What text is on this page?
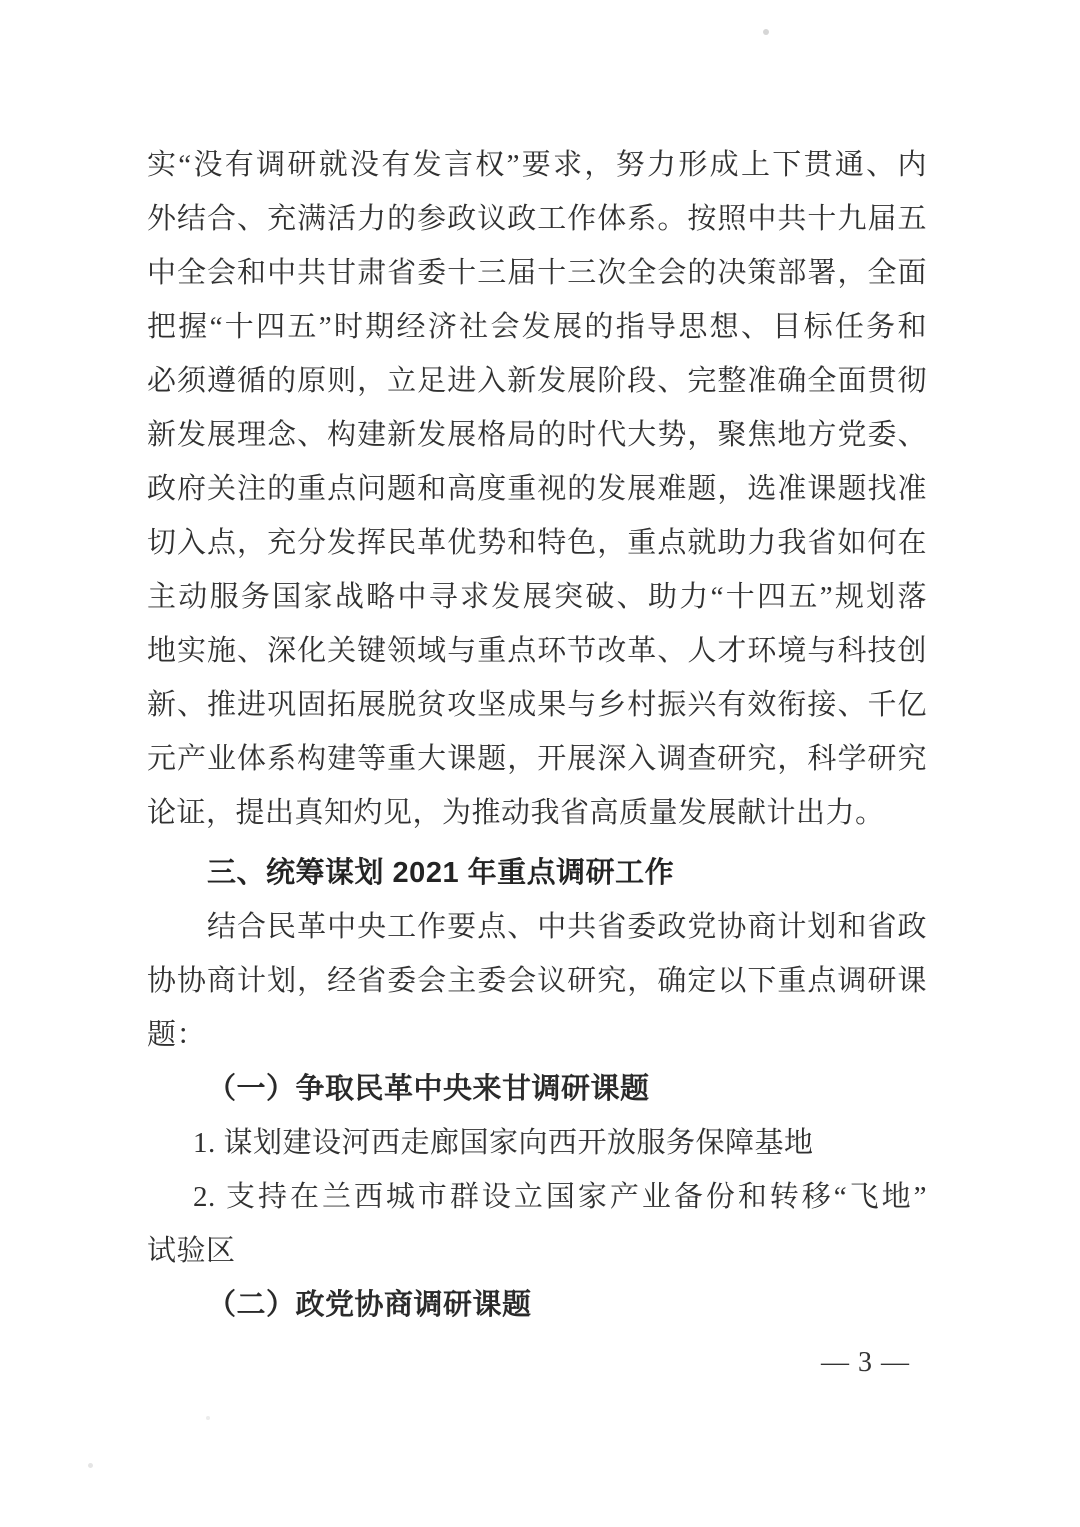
实“没有调研就没有发言权”要求，努力形成上下贯通、内
外结合、充满活力的参政议政工作体系。按照中共十九届五
中全会和中共甘肃省委十三届十三次全会的决策部署，全面
把握“十四五”时期经济社会发展的指导思想、目标任务和
必须遵循的原则，立足进入新发展阶段、完整准确全面贯彻
新发展理念、构建新发展格局的时代大势，聚焦地方党委、
政府关注的重点问题和高度重视的发展难题，选准课题找准
切入点，充分发挥民革优势和特色，重点就助力我省如何在
主动服务国家战略中寻求发展突破、助力“十四五”规划落
地实施、深化关键领域与重点环节改革、人才环境与科技创
新、推进巩固拓展脱贫攻坚成果与乡村振兴有效衔接、千亿
元产业体系构建等重大课题，开展深入调查研究，科学研究
论证，提出真知灼见，为推动我省高质量发展献计出力。
三、统筹谋划 2021 年重点调研工作
结合民革中央工作要点、中共省委政党协商计划和省政
协协商计划，经省委会主委会议研究，确定以下重点调研课
题：
（一）争取民革中央来甘调研课题
1. 谋划建设河西走廊国家向西开放服务保障基地
2. 支持在兰西城市群设立国家产业备份和转移“飞地”
试验区
（二）政党协商调研课题
— 3 —
